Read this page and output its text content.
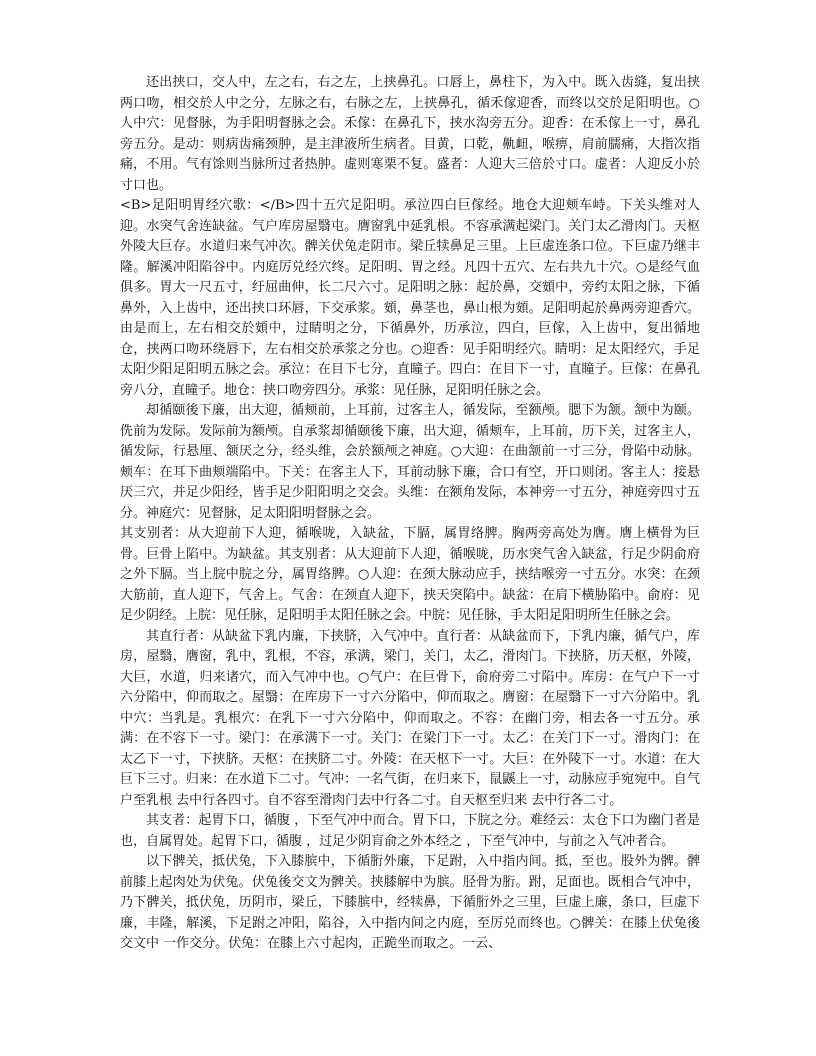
还出挟口，交人中，左之右，右之左，上挟鼻孔。口唇上，鼻柱下，为入中。既入齿缝，复出挟两口吻，相交於人中之分，左脉之右，右脉之左，上挟鼻孔，循禾傢迎香，而终以交於足阳明也。○人中穴：见督脉，为手阳明督脉之会。禾傢：在鼻孔下，挟水沟旁五分。迎香：在禾傢上一寸，鼻孔旁五分。是动：则病齿痛颈肿，是主津液所生病者。目黄，口乾，鼽衄，喉痹，肩前臑痛，大指次指痛，不用。气有馀则当脉所过者热肿。虚则寒栗不复。盛者：人迎大三倍於寸口。虚者：人迎反小於寸口也。

<B>足阳明胃经穴歌：</B>四十五穴足阳明。承泣四白巨傢经。地仓大迎颊车峙。下关头维对人迎。水突气舍连缺盆。气户库房屋翳屯。膺窗乳中延乳根。不容承满起梁门。关门太乙滑肉门。天枢外陵大巨存。水道归来气冲次。髀关伏兔走阴市。梁丘犊鼻足三里。上巨虚连条口位。下巨虚乃继丰隆。解溪冲阳陷谷中。内庭厉兑经穴终。足阳明、胃之经。凡四十五穴、左右共九十穴。○是经气血俱多。胃大一尺五寸，纡屈曲伸，长二尺六寸。足阳明之脉：起於鼻，交頞中，旁约太阳之脉，下循鼻外，入上齿中，还出挟口环唇，下交承浆。頞，鼻茎也，鼻山根为頞。足阳明起於鼻两旁迎香穴。由是而上，左右相交於頞中，过睛明之分，下循鼻外，历承泣，四白，巨傢，入上齿中，复出循地仓，挟两口吻环绕唇下，左右相交於承浆之分也。○迎香：见手阳明经穴。睛明：足太阳经穴，手足太阳少阳足阳明五脉之会。承泣：在目下七分，直瞳子。四白：在目下一寸，直瞳子。巨傢：在鼻孔旁八分，直瞳子。地仓：挟口吻旁四分。承浆：见任脉，足阳明任脉之会。

却循颐後下廉，出大迎，循颊前，上耳前，过客主人，循发际，至额颅。腮下为颔。颔中为颐。侁前为发际。发际前为额颅。自承浆却循颐後下廉，出大迎，循颊车，上耳前，历下关，过客主人，循发际，行悬厘、颔厌之分，经头维，会於额颅之神庭。○大迎：在曲颔前一寸三分，骨陷中动脉。颊车：在耳下曲颊端陷中。下关：在客主人下，耳前动脉下廉，合口有空，开口则闭。客主人：接悬厌三穴，并足少阳经，皆手足少阳阳明之交会。头维：在额角发际，本神旁一寸五分，神庭旁四寸五分。神庭穴：见督脉，足太阳阳明督脉之会。

其支别者：从大迎前下人迎，循喉咙，入缺盆，下膈，属胃络脾。胸两旁高处为膺。膺上横骨为巨骨。巨骨上陷中。为缺盆。其支别者：从大迎前下人迎，循喉咙，历水突气舍入缺盆，行足少阴俞府之外下膈。当上脘中脘之分，属胃络脾。○人迎：在颈大脉动应手，挟结喉旁一寸五分。水突：在颈大筋前，直人迎下，气舍上。气舍：在颈直人迎下，挟天突陷中。缺盆：在肩下横胁陷中。俞府：见足少阴经。上脘：见任脉，足阳明手太阳任脉之会。中脘：见任脉，手太阳足阳明所生任脉之会。

其直行者：从缺盆下乳内廉，下挟脐，入气冲中。直行者：从缺盆而下，下乳内廉，循气户，库房，屋翳，膺窗，乳中，乳根，不容，承满，梁门，关门，太乙，滑肉门。下挟脐，历天枢，外陵，大巨，水道，归来诸穴，而入气冲中也。○气户：在巨骨下，俞府旁二寸陷中。库房：在气户下一寸六分陷中，仰而取之。屋翳：在库房下一寸六分陷中，仰而取之。膺窗：在屋翳下一寸六分陷中。乳中穴：当乳是。乳根穴：在乳下一寸六分陷中，仰而取之。不容：在幽门旁，相去各一寸五分。承满：在不容下一寸。梁门：在承满下一寸。关门：在梁门下一寸。太乙：在关门下一寸。滑肉门：在太乙下一寸，下挟脐。天枢：在挟脐二寸。外陵：在天枢下一寸。大巨：在外陵下一寸。水道：在大巨下三寸。归来：在水道下二寸。气冲：一名气街，在归来下，鼠鼷上一寸，动脉应手宛宛中。自气户至乳根 去中行各四寸。自不容至滑肉门去中行各二寸。自天枢至归来 去中行各二寸。

其支者：起胃下口，循腹 ，下至气冲中而合。胃下口，下脘之分。难经云：太仓下口为幽门者是也，自属胃处。起胃下口，循腹 ，过足少阴肓俞之外本经之 ，下至气冲中，与前之入气冲者合。

以下髀关，抵伏兔，下入膝膑中，下循胻外廉，下足跗，入中指内间。抵，至也。股外为髀。髀前膝上起肉处为伏兔。伏兔後交文为髀关。挟膝解中为膑。胫骨为胻。跗，足面也。既相合气冲中，乃下髀关，抵伏兔，历阴市，梁丘，下膝膑中，经犊鼻，下循胻外之三里，巨虚上廉，条口，巨虚下廉，丰隆，解溪，下足跗之冲阳，陷谷，入中指内间之内庭，至厉兑而终也。○髀关：在膝上伏兔後交文中 一作交分。伏兔：在膝上六寸起肉，正跪坐而取之。一云、
